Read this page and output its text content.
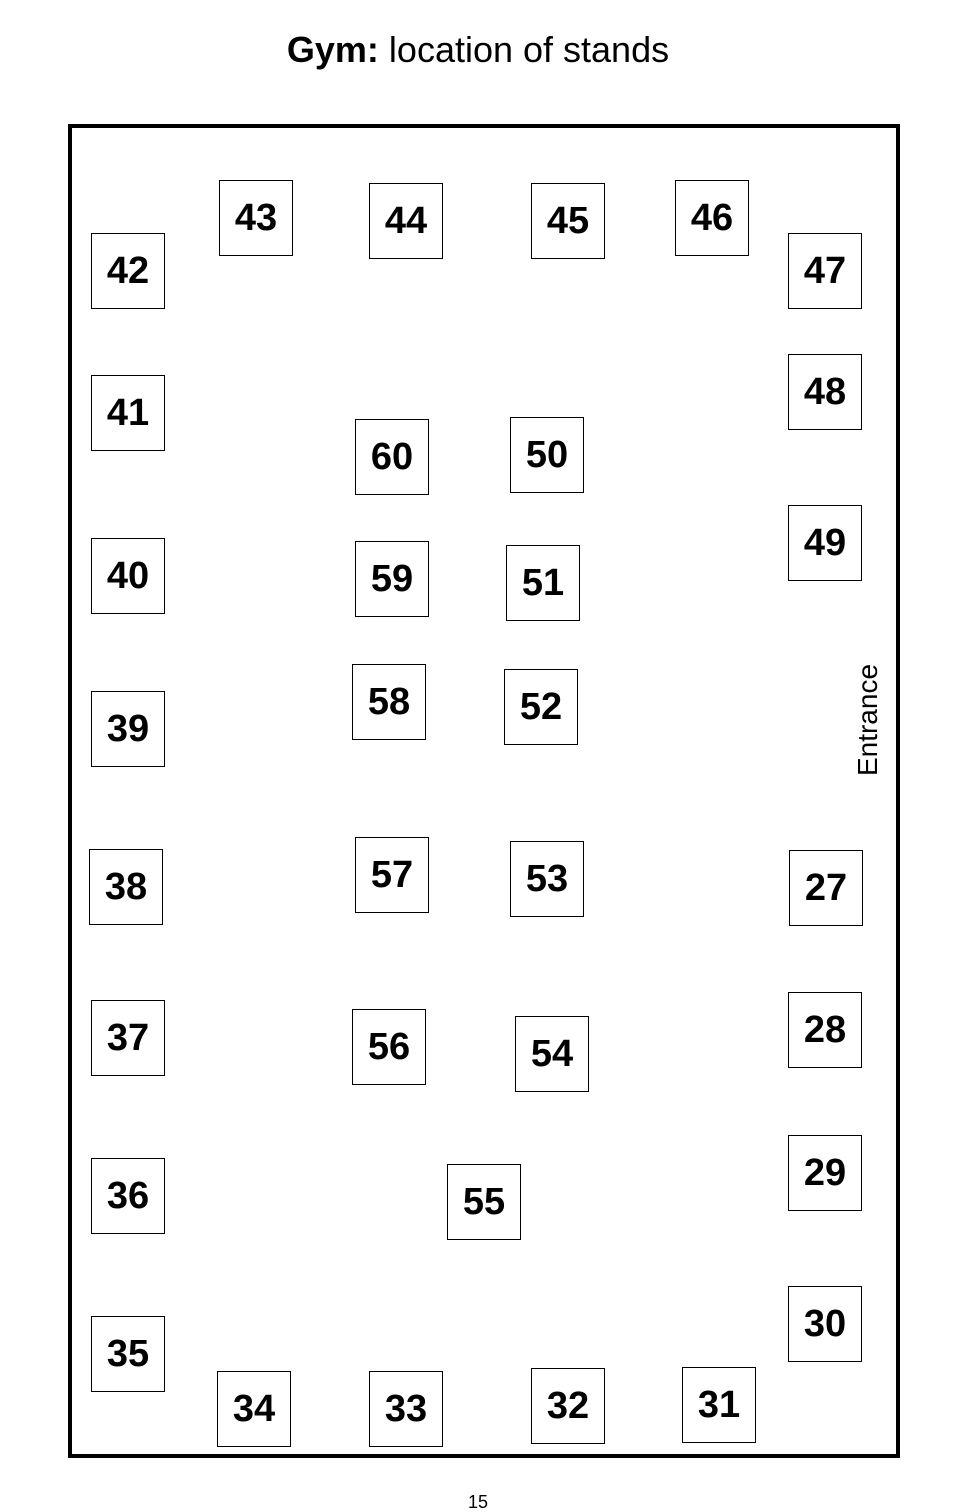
Gym: location of stands
27
28
29
30
31
32
33
34
35
36
37
38
39
40
41
42
43	44	45	46
47
48
49
50
51
52
53
54
55
56
57
58
59
60
Entrance
15
